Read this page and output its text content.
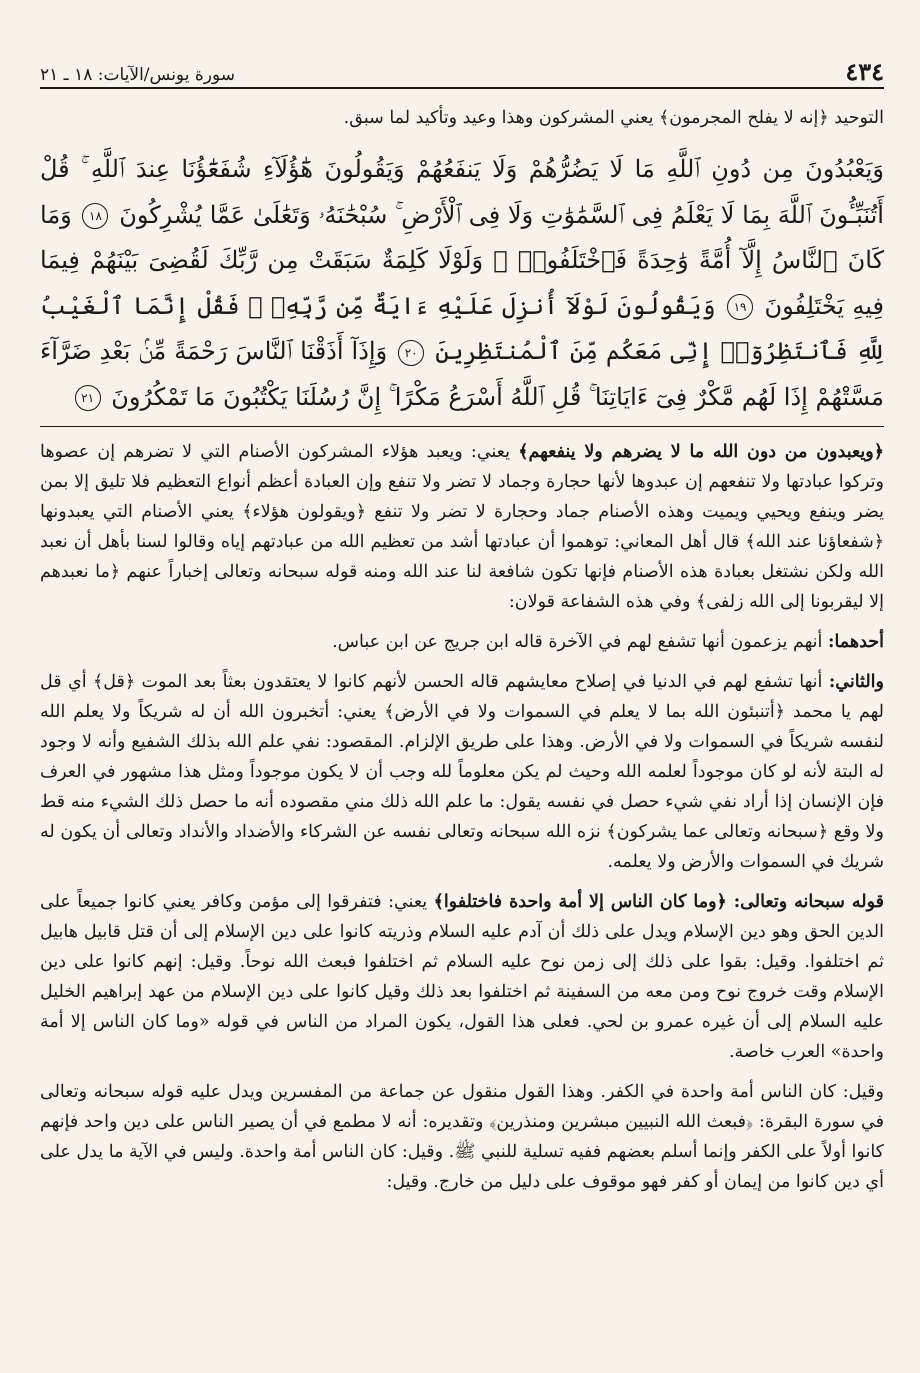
٤٣٤
سورة يونس/الآيات: ١٨ ـ ٢١

التوحيد ﴿إنه لا يفلح المجرمون﴾ يعني المشركون وهذا وعيد وتأكيد لما سبق.

وَيَعْبُدُونَ مِن دُونِ ٱللَّهِ مَا لَا يَضُرُّهُمْ وَلَا يَنفَعُهُمْ وَيَقُولُونَ هَٰٓؤُلَآءِ شُفَعَٰٓؤُنَا عِندَ ٱللَّهِ ۚ قُلْ أَتُنَبِّـُٔونَ ٱللَّهَ بِمَا لَا يَعْلَمُ فِى ٱلسَّمَٰوَٰتِ وَلَا فِى ٱلْأَرْضِ ۚ سُبْحَٰنَهُۥ وَتَعَٰلَىٰ عَمَّا يُشْرِكُونَ ١٨ وَمَا كَانَ ٱلنَّاسُ إِلَّآ أُمَّةً وَٰحِدَةً فَٱخْتَلَفُوا۟ ۚ وَلَوْلَا كَلِمَةٌ سَبَقَتْ مِن رَّبِّكَ لَقُضِىَ بَيْنَهُمْ فِيمَا فِيهِ يَخْتَلِفُونَ ١٩ وَيَقُولُونَ لَوْلَآ أُنزِلَ عَلَيْهِ ءَايَةٌ مِّن رَّبِّهِۦ ۖ فَقُلْ إِنَّمَا ٱلْغَيْبُ لِلَّهِ فَٱنتَظِرُوٓا۟ إِنِّى مَعَكُم مِّنَ ٱلْمُنتَظِرِينَ ٢٠ وَإِذَآ أَذَقْنَا ٱلنَّاسَ رَحْمَةً مِّنۢ بَعْدِ ضَرَّآءَ مَسَّتْهُمْ إِذَا لَهُم مَّكْرٌ فِىٓ ءَايَاتِنَا ۚ قُلِ ٱللَّهُ أَسْرَعُ مَكْرًا ۚ إِنَّ رُسُلَنَا يَكْتُبُونَ مَا تَمْكُرُونَ ٢١

﴿ويعبدون من دون الله ما لا يضرهم ولا ينفعهم﴾ يعني: ويعبد هؤلاء المشركون الأصنام التي لا تضرهم إن عصوها وتركوا عبادتها ولا تنفعهم إن عبدوها لأنها حجارة وجماد لا تضر ولا تنفع وإن العبادة أعظم أنواع التعظيم فلا تليق إلا بمن يضر وينفع ويحيي ويميت وهذه الأصنام جماد وحجارة لا تضر ولا تنفع ﴿ويقولون هؤلاء﴾ يعني الأصنام التي يعبدونها ﴿شفعاؤنا عند الله﴾ قال أهل المعاني: توهموا أن عبادتها أشد من تعظيم الله من عبادتهم إياه وقالوا لسنا بأهل أن نعبد الله ولكن نشتغل بعبادة هذه الأصنام فإنها تكون شافعة لنا عند الله ومنه قوله سبحانه وتعالى إخباراً عنهم ﴿ما نعبدهم إلا ليقربونا إلى الله زلفى﴾ وفي هذه الشفاعة قولان:

أحدهما: أنهم يزعمون أنها تشفع لهم في الآخرة قاله ابن جريج عن ابن عباس.

والثاني: أنها تشفع لهم في الدنيا في إصلاح معايشهم قاله الحسن لأنهم كانوا لا يعتقدون بعثاً بعد الموت ﴿قل﴾ أي قل لهم يا محمد ﴿أتنبئون الله بما لا يعلم في السموات ولا في الأرض﴾ يعني: أتخبرون الله أن له شريكاً ولا يعلم الله لنفسه شريكاً في السموات ولا في الأرض. وهذا على طريق الإلزام. المقصود: نفي علم الله بذلك الشفيع وأنه لا وجود له البتة لأنه لو كان موجوداً لعلمه الله وحيث لم يكن معلوماً لله وجب أن لا يكون موجوداً ومثل هذا مشهور في العرف فإن الإنسان إذا أراد نفي شيء حصل في نفسه يقول: ما علم الله ذلك مني مقصوده أنه ما حصل ذلك الشيء منه قط ولا وقع ﴿سبحانه وتعالى عما يشركون﴾ نزه الله سبحانه وتعالى نفسه عن الشركاء والأضداد والأنداد وتعالى أن يكون له شريك في السموات والأرض ولا يعلمه.

قوله سبحانه وتعالى: ﴿وما كان الناس إلا أمة واحدة فاختلفوا﴾ يعني: فتفرقوا إلى مؤمن وكافر يعني كانوا جميعاً على الدين الحق وهو دين الإسلام ويدل على ذلك أن آدم عليه السلام وذريته كانوا على دين الإسلام إلى أن قتل قابيل هابيل ثم اختلفوا. وقيل: بقوا على ذلك إلى زمن نوح عليه السلام ثم اختلفوا فبعث الله نوحاً. وقيل: إنهم كانوا على دين الإسلام وقت خروج نوح ومن معه من السفينة ثم اختلفوا بعد ذلك وقيل كانوا على دين الإسلام من عهد إبراهيم الخليل عليه السلام إلى أن غيره عمرو بن لحي. فعلى هذا القول، يكون المراد من الناس في قوله «وما كان الناس إلا أمة واحدة» العرب خاصة.

وقيل: كان الناس أمة واحدة في الكفر. وهذا القول منقول عن جماعة من المفسرين ويدل عليه قوله سبحانه وتعالى في سورة البقرة: ﴿فبعث الله النبيين مبشرين ومنذرين﴾ وتقديره: أنه لا مطمع في أن يصير الناس على دين واحد فإنهم كانوا أولاً على الكفر وإنما أسلم بعضهم ففيه تسلية للنبي ﷺ. وقيل: كان الناس أمة واحدة. وليس في الآية ما يدل على أي دين كانوا من إيمان أو كفر فهو موقوف على دليل من خارج. وقيل:
